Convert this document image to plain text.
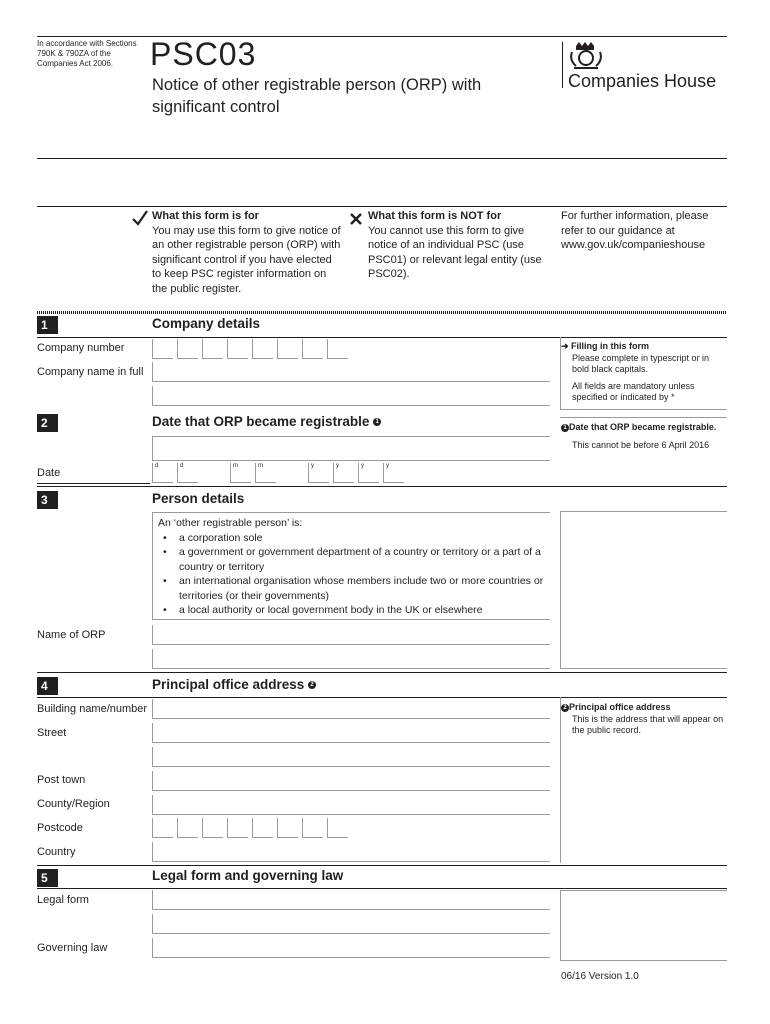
In accordance with Sections 790K & 790ZA of the Companies Act 2006.	PSC03
Notice of other registrable person (ORP) with significant control
Companies House
What this form is for
You may use this form to give notice of an other registrable person (ORP) with significant control if you have elected to keep PSC register information on the public register.
What this form is NOT for
You cannot use this form to give notice of an individual PSC (use PSC01) or relevant legal entity (use PSC02).
For further information, please refer to our guidance at www.gov.uk/companieshouse
1	Company details
Company number
Company name in full
➜ Filling in this form
Please complete in typescript or in bold black capitals.
All fields are mandatory unless specified or indicated by *
2	Date that ORP became registrable 1
Date
d	d	m	m	y	y	y	y
1 Date that ORP became registrable.
This cannot be before 6 April 2016
3	Person details
An ‘other registrable person’ is:
• a corporation sole
• a government or government department of a country or territory or a part of a country or territory
• an international organisation whose members include two or more countries or territories (or their governments)
• a local authority or local government body in the UK or elsewhere
Name of ORP
4	Principal office address 2
Building name/number
Street
Post town
County/Region
Postcode
Country
2 Principal office address
This is the address that will appear on the public record.
5	Legal form and governing law
Legal form
Governing law
06/16 Version 1.0
